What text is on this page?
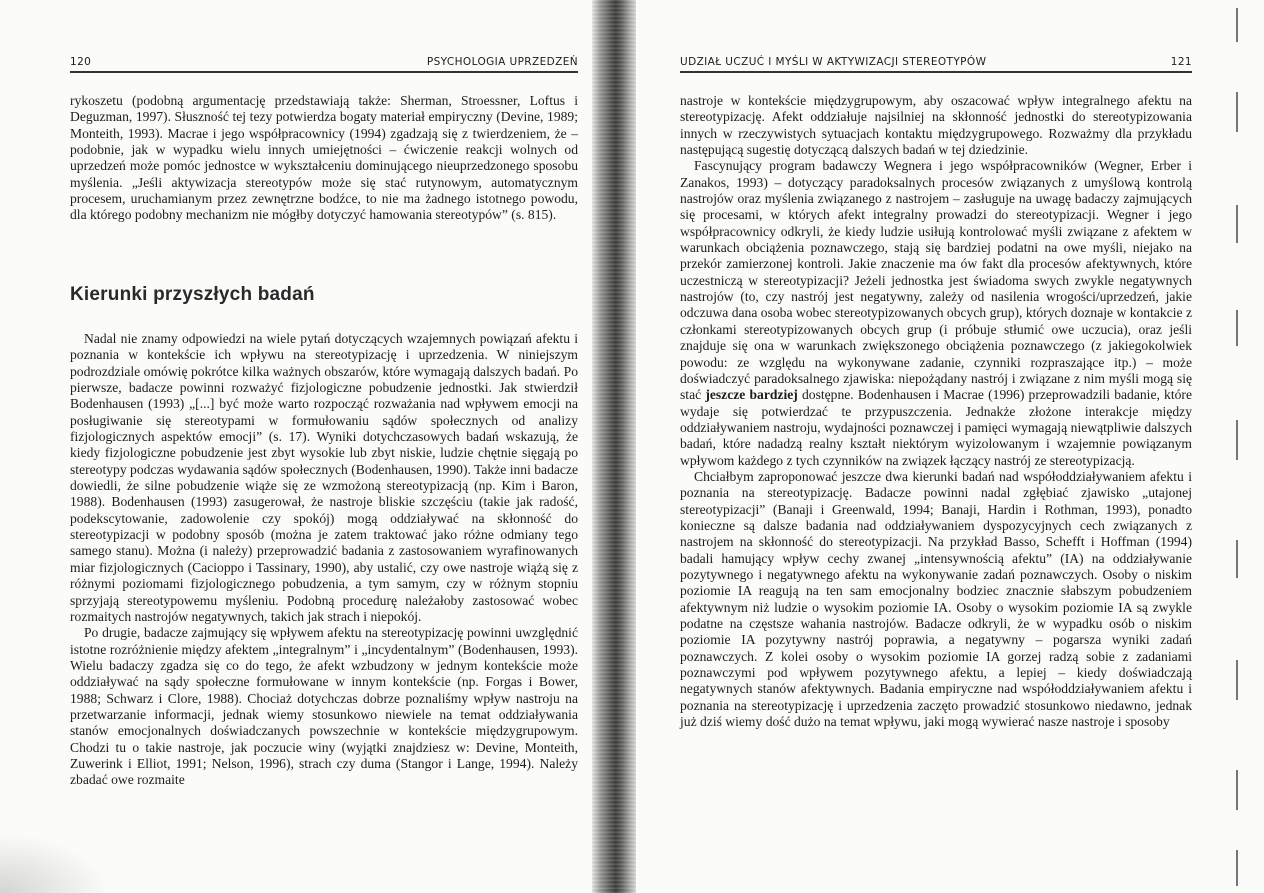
120	PSYCHOLOGIA UPRZEDZEŃ

rykoszetu (podobną argumentację przedstawiają także: Sherman, Stroessner, Loftus i Deguzman, 1997). Słuszność tej tezy potwierdza bogaty materiał empiryczny (Devine, 1989; Monteith, 1993). Macrae i jego współpracownicy (1994) zgadzają się z twierdzeniem, że – podobnie, jak w wypadku wielu innych umiejętności – ćwiczenie reakcji wolnych od uprzedzeń może pomóc jednostce w wykształceniu dominującego nieuprzedzonego sposobu myślenia. „Jeśli aktywizacja stereotypów może się stać rutynowym, automatycznym procesem, uruchamianym przez zewnętrzne bodźce, to nie ma żadnego istotnego powodu, dla którego podobny mechanizm nie mógłby dotyczyć hamowania stereotypów” (s. 815).

Kierunki przyszłych badań

Nadal nie znamy odpowiedzi na wiele pytań dotyczących wzajemnych powiązań afektu i poznania w kontekście ich wpływu na stereotypizację i uprzedzenia. W niniejszym podrozdziale omówię pokrótce kilka ważnych obszarów, które wymagają dalszych badań. Po pierwsze, badacze powinni rozważyć fizjologiczne pobudzenie jednostki. Jak stwierdził Bodenhausen (1993) „[...] być może warto rozpocząć rozważania nad wpływem emocji na posługiwanie się stereotypami w formułowaniu sądów społecznych od analizy fizjologicznych aspektów emocji” (s. 17). Wyniki dotychczasowych badań wskazują, że kiedy fizjologiczne pobudzenie jest zbyt wysokie lub zbyt niskie, ludzie chętnie sięgają po stereotypy podczas wydawania sądów społecznych (Bodenhausen, 1990). Także inni badacze dowiedli, że silne pobudzenie wiąże się ze wzmożoną stereotypizacją (np. Kim i Baron, 1988). Bodenhausen (1993) zasugerował, że nastroje bliskie szczęściu (takie jak radość, podekscytowanie, zadowolenie czy spokój) mogą oddziaływać na skłonność do stereotypizacji w podobny sposób (można je zatem traktować jako różne odmiany tego samego stanu). Można (i należy) przeprowadzić badania z zastosowaniem wyrafinowanych miar fizjologicznych (Cacioppo i Tassinary, 1990), aby ustalić, czy owe nastroje wiążą się z różnymi poziomami fizjologicznego pobudzenia, a tym samym, czy w różnym stopniu sprzyjają stereotypowemu myśleniu. Podobną procedurę należałoby zastosować wobec rozmaitych nastrojów negatywnych, takich jak strach i niepokój.

Po drugie, badacze zajmujący się wpływem afektu na stereotypizację powinni uwzględnić istotne rozróżnienie między afektem „integralnym” i „incydentalnym” (Bodenhausen, 1993). Wielu badaczy zgadza się co do tego, że afekt wzbudzony w jednym kontekście może oddziaływać na sądy społeczne formułowane w innym kontekście (np. Forgas i Bower, 1988; Schwarz i Clore, 1988). Chociaż dotychczas dobrze poznaliśmy wpływ nastroju na przetwarzanie informacji, jednak wiemy stosunkowo niewiele na temat oddziaływania stanów emocjonalnych doświadczanych powszechnie w kontekście międzygrupowym. Chodzi tu o takie nastroje, jak poczucie winy (wyjątki znajdziesz w: Devine, Monteith, Zuwerink i Elliot, 1991; Nelson, 1996), strach czy duma (Stangor i Lange, 1994). Należy zbadać owe rozmaite

UDZIAŁ UCZUĆ I MYŚLI W AKTYWIZACJI STEREOTYPÓW	121

nastroje w kontekście międzygrupowym, aby oszacować wpływ integralnego afektu na stereotypizację. Afekt oddziałuje najsilniej na skłonność jednostki do stereotypizowania innych w rzeczywistych sytuacjach kontaktu międzygrupowego. Rozważmy dla przykładu następującą sugestię dotyczącą dalszych badań w tej dziedzinie.

Fascynujący program badawczy Wegnera i jego współpracowników (Wegner, Erber i Zanakos, 1993) – dotyczący paradoksalnych procesów związanych z umyślową kontrolą nastrojów oraz myślenia związanego z nastrojem – zasługuje na uwagę badaczy zajmujących się procesami, w których afekt integralny prowadzi do stereotypizacji. Wegner i jego współpracownicy odkryli, że kiedy ludzie usiłują kontrolować myśli związane z afektem w warunkach obciążenia poznawczego, stają się bardziej podatni na owe myśli, niejako na przekór zamierzonej kontroli. Jakie znaczenie ma ów fakt dla procesów afektywnych, które uczestniczą w stereotypizacji? Jeżeli jednostka jest świadoma swych zwykle negatywnych nastrojów (to, czy nastrój jest negatywny, zależy od nasilenia wrogości/uprzedzeń, jakie odczuwa dana osoba wobec stereotypizowanych obcych grup), których doznaje w kontakcie z członkami stereotypizowanych obcych grup (i próbuje stłumić owe uczucia), oraz jeśli znajduje się ona w warunkach zwiększonego obciążenia poznawczego (z jakiegokolwiek powodu: ze względu na wykonywane zadanie, czynniki rozpraszające itp.) – może doświadczyć paradoksalnego zjawiska: niepożądany nastrój i związane z nim myśli mogą się stać jeszcze bardziej dostępne. Bodenhausen i Macrae (1996) przeprowadzili badanie, które wydaje się potwierdzać te przypuszczenia. Jednakże złożone interakcje między oddziaływaniem nastroju, wydajności poznawczej i pamięci wymagają niewątpliwie dalszych badań, które nadadzą realny kształt niektórym wyizolowanym i wzajemnie powiązanym wpływom każdego z tych czynników na związek łączący nastrój ze stereotypizacją.

Chciałbym zaproponować jeszcze dwa kierunki badań nad współoddziaływaniem afektu i poznania na stereotypizację. Badacze powinni nadal zgłębiać zjawisko „utajonej stereotypizacji” (Banaji i Greenwald, 1994; Banaji, Hardin i Rothman, 1993), ponadto konieczne są dalsze badania nad oddziaływaniem dyspozycyjnych cech związanych z nastrojem na skłonność do stereotypizacji. Na przykład Basso, Schefft i Hoffman (1994) badali hamujący wpływ cechy zwanej „intensywnością afektu” (IA) na oddziaływanie pozytywnego i negatywnego afektu na wykonywanie zadań poznawczych. Osoby o niskim poziomie IA reagują na ten sam emocjonalny bodziec znacznie słabszym pobudzeniem afektywnym niż ludzie o wysokim poziomie IA. Osoby o wysokim poziomie IA są zwykle podatne na częstsze wahania nastrojów. Badacze odkryli, że w wypadku osób o niskim poziomie IA pozytywny nastrój poprawia, a negatywny – pogarsza wyniki zadań poznawczych. Z kolei osoby o wysokim poziomie IA gorzej radzą sobie z zadaniami poznawczymi pod wpływem pozytywnego afektu, a lepiej – kiedy doświadczają negatywnych stanów afektywnych. Badania empiryczne nad współoddziaływaniem afektu i poznania na stereotypizację i uprzedzenia zaczęto prowadzić stosunkowo niedawno, jednak już dziś wiemy dość dużo na temat wpływu, jaki mogą wywierać nasze nastroje i sposoby
